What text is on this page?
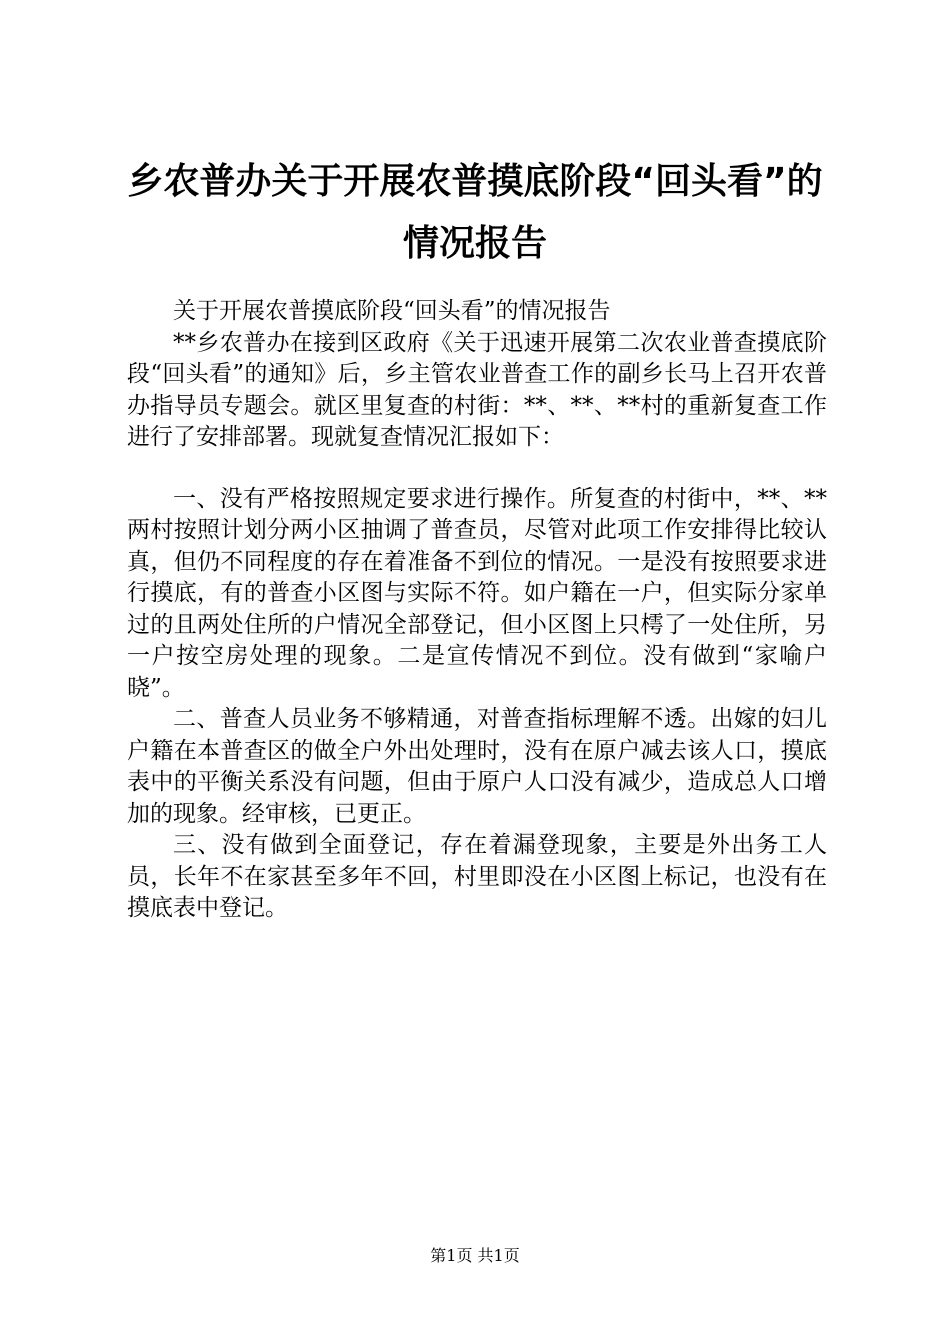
乡农普办关于开展农普摸底阶段“回头看”的
情况报告

关于开展农普摸底阶段“回头看”的情况报告

**乡农普办在接到区政府《关于迅速开展第二次农业普查摸底阶段“回头看”的通知》后，乡主管农业普查工作的副乡长马上召开农普办指导员专题会。就区里复查的村街：**、**、**村的重新复查工作进行了安排部署。现就复查情况汇报如下：

一、没有严格按照规定要求进行操作。所复查的村街中，**、**两村按照计划分两小区抽调了普查员，尽管对此项工作安排得比较认真，但仍不同程度的存在着准备不到位的情况。一是没有按照要求进行摸底，有的普查小区图与实际不符。如户籍在一户，但实际分家单过的且两处住所的户情况全部登记，但小区图上只樗了一处住所，另一户按空房处理的现象。二是宣传情况不到位。没有做到“家喻户晓”。

二、普查人员业务不够精通，对普查指标理解不透。出嫁的妇儿户籍在本普查区的做全户外出处理时，没有在原户减去该人口，摸底表中的平衡关系没有问题，但由于原户人口没有减少，造成总人口增加的现象。经审核，已更正。

三、没有做到全面登记，存在着漏登现象，主要是外出务工人员，长年不在家甚至多年不回，村里即没在小区图上标记，也没有在摸底表中登记。

第1页 共1页
